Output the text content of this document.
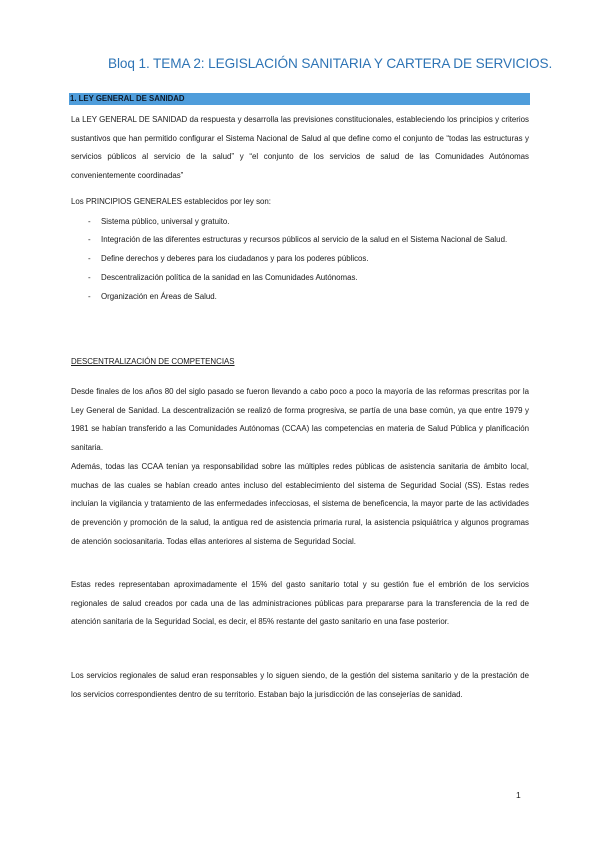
Bloq 1. TEMA 2: LEGISLACIÓN SANITARIA Y CARTERA DE SERVICIOS.
1. LEY GENERAL DE SANIDAD

La LEY GENERAL DE SANIDAD da respuesta y desarrolla las previsiones constitucionales, estableciendo los principios y criterios sustantivos que han permitido configurar el Sistema Nacional de Salud al que define como el conjunto de “todas las estructuras y servicios públicos al servicio de la salud” y “el conjunto de los servicios de salud de las Comunidades Autónomas convenientemente coordinadas”

Los PRINCIPIOS GENERALES establecidos por ley son:

- Sistema público, universal y gratuito.
- Integración de las diferentes estructuras y recursos públicos al servicio de la salud en el Sistema Nacional de Salud.
- Define derechos y deberes para los ciudadanos y para los poderes públicos.
- Descentralización política de la sanidad en las Comunidades Autónomas.
- Organización en Áreas de Salud.

DESCENTRALIZACIÓN DE COMPETENCIAS

Desde finales de los años 80 del siglo pasado se fueron llevando a cabo poco a poco la mayoría de las reformas prescritas por la Ley General de Sanidad. La descentralización se realizó de forma progresiva, se partía de una base común, ya que entre 1979 y 1981 se habían transferido a las Comunidades Autónomas (CCAA) las competencias en materia de Salud Pública y planificación sanitaria.

Además, todas las CCAA tenían ya responsabilidad sobre las múltiples redes públicas de asistencia sanitaria de ámbito local, muchas de las cuales se habían creado antes incluso del establecimiento del sistema de Seguridad Social (SS). Estas redes incluían la vigilancia y tratamiento de las enfermedades infecciosas, el sistema de beneficencia, la mayor parte de las actividades de prevención y promoción de la salud, la antigua red de asistencia primaria rural, la asistencia psiquiátrica y algunos programas de atención sociosanitaria. Todas ellas anteriores al sistema de Seguridad Social.

Estas redes representaban aproximadamente el 15% del gasto sanitario total y su gestión fue el embrión de los servicios regionales de salud creados por cada una de las administraciones públicas para prepararse para la transferencia de la red de atención sanitaria de la Seguridad Social, es decir, el 85% restante del gasto sanitario en una fase posterior.

Los servicios regionales de salud eran responsables y lo siguen siendo, de la gestión del sistema sanitario y de la prestación de los servicios correspondientes dentro de su territorio. Estaban bajo la jurisdicción de las consejerías de sanidad.

1
